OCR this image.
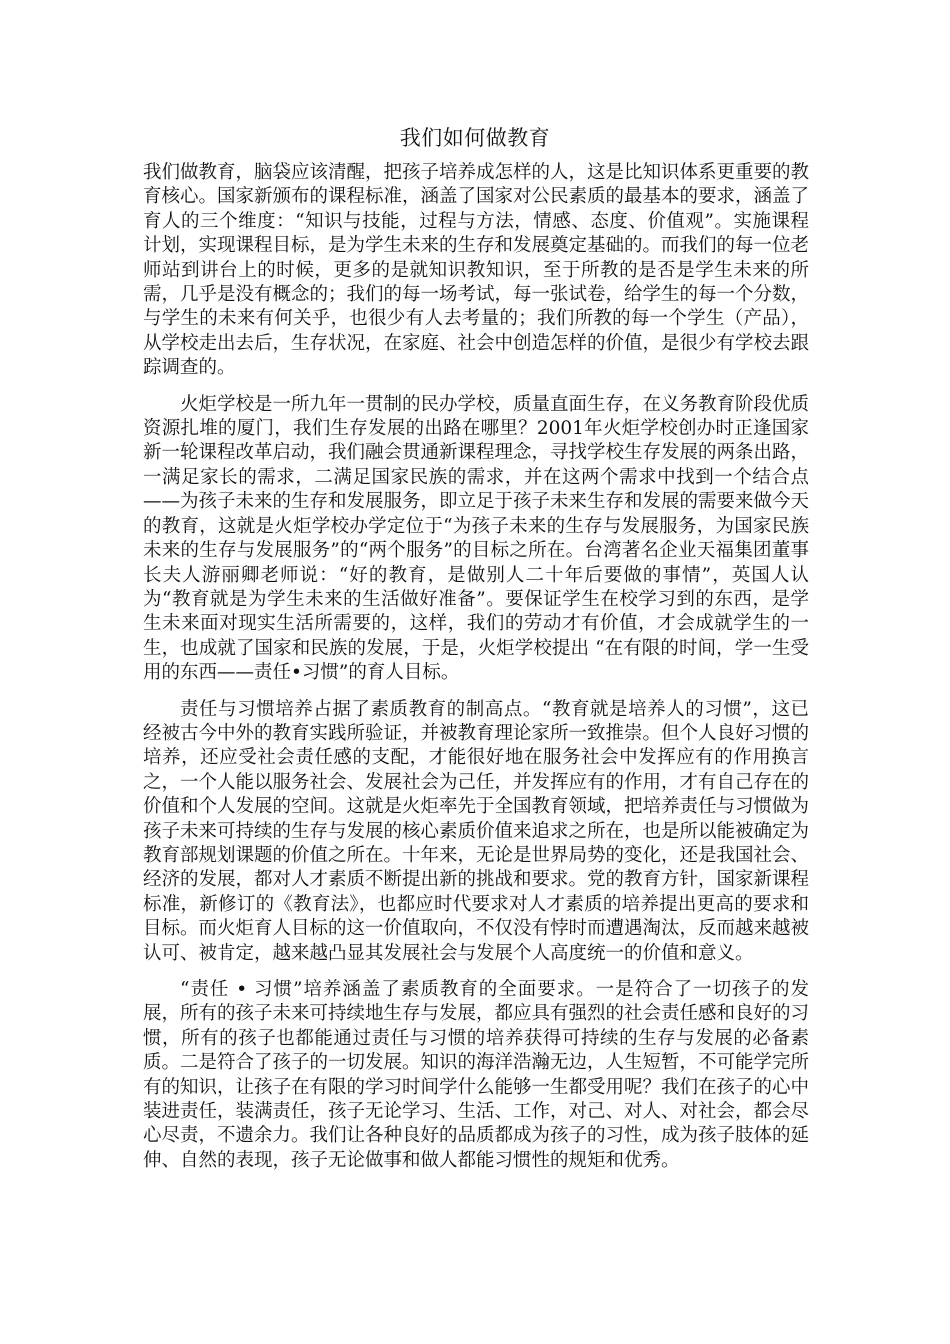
我们如何做教育

我们做教育，脑袋应该清醒，把孩子培养成怎样的人，这是比知识体系更重要的教育核心。国家新颁布的课程标准，涵盖了国家对公民素质的最基本的要求，涵盖了育人的三个维度：“知识与技能，过程与方法，情感、态度、价值观”。实施课程计划，实现课程目标，是为学生未来的生存和发展奠定基础的。而我们的每一位老师站到讲台上的时候，更多的是就知识教知识，至于所教的是否是学生未来的所需，几乎是没有概念的；我们的每一场考试，每一张试卷，给学生的每一个分数，与学生的未来有何关乎，也很少有人去考量的；我们所教的每一个学生（产品），从学校走出去后，生存状况，在家庭、社会中创造怎样的价值，是很少有学校去跟踪调查的。

火炬学校是一所九年一贯制的民办学校，质量直面生存，在义务教育阶段优质资源扎堆的厦门，我们生存发展的出路在哪里？2001年火炬学校创办时正逢国家新一轮课程改革启动，我们融会贯通新课程理念，寻找学校生存发展的两条出路，一满足家长的需求，二满足国家民族的需求，并在这两个需求中找到一个结合点——为孩子未来的生存和发展服务，即立足于孩子未来生存和发展的需要来做今天的教育，这就是火炬学校办学定位于“为孩子未来的生存与发展服务，为国家民族未来的生存与发展服务”的“两个服务”的目标之所在。台湾著名企业天福集团董事长夫人游丽卿老师说：“好的教育，是做别人二十年后要做的事情”，英国人认为“教育就是为学生未来的生活做好准备”。要保证学生在校学习到的东西，是学生未来面对现实生活所需要的，这样，我们的劳动才有价值，才会成就学生的一生，也成就了国家和民族的发展，于是，火炬学校提出 “在有限的时间，学一生受用的东西——责任•习惯”的育人目标。

责任与习惯培养占据了素质教育的制高点。“教育就是培养人的习惯”，这已经被古今中外的教育实践所验证，并被教育理论家所一致推崇。但个人良好习惯的培养，还应受社会责任感的支配，才能很好地在服务社会中发挥应有的作用换言之，一个人能以服务社会、发展社会为己任，并发挥应有的作用，才有自己存在的价值和个人发展的空间。这就是火炬率先于全国教育领域，把培养责任与习惯做为孩子未来可持续的生存与发展的核心素质价值来追求之所在，也是所以能被确定为教育部规划课题的价值之所在。十年来，无论是世界局势的变化，还是我国社会、经济的发展，都对人才素质不断提出新的挑战和要求。党的教育方针，国家新课程标准，新修订的《教育法》，也都应时代要求对人才素质的培养提出更高的要求和目标。而火炬育人目标的这一价值取向，不仅没有悖时而遭遇淘汰，反而越来越被认可、被肯定，越来越凸显其发展社会与发展个人高度统一的价值和意义。

“责任 • 习惯”培养涵盖了素质教育的全面要求。一是符合了一切孩子的发展，所有的孩子未来可持续地生存与发展，都应具有强烈的社会责任感和良好的习惯，所有的孩子也都能通过责任与习惯的培养获得可持续的生存与发展的必备素质。二是符合了孩子的一切发展。知识的海洋浩瀚无边，人生短暂，不可能学完所有的知识，让孩子在有限的学习时间学什么能够一生都受用呢？我们在孩子的心中装进责任，装满责任，孩子无论学习、生活、工作，对己、对人、对社会，都会尽心尽责，不遗余力。我们让各种良好的品质都成为孩子的习性，成为孩子肢体的延伸、自然的表现，孩子无论做事和做人都能习惯性的规矩和优秀。
